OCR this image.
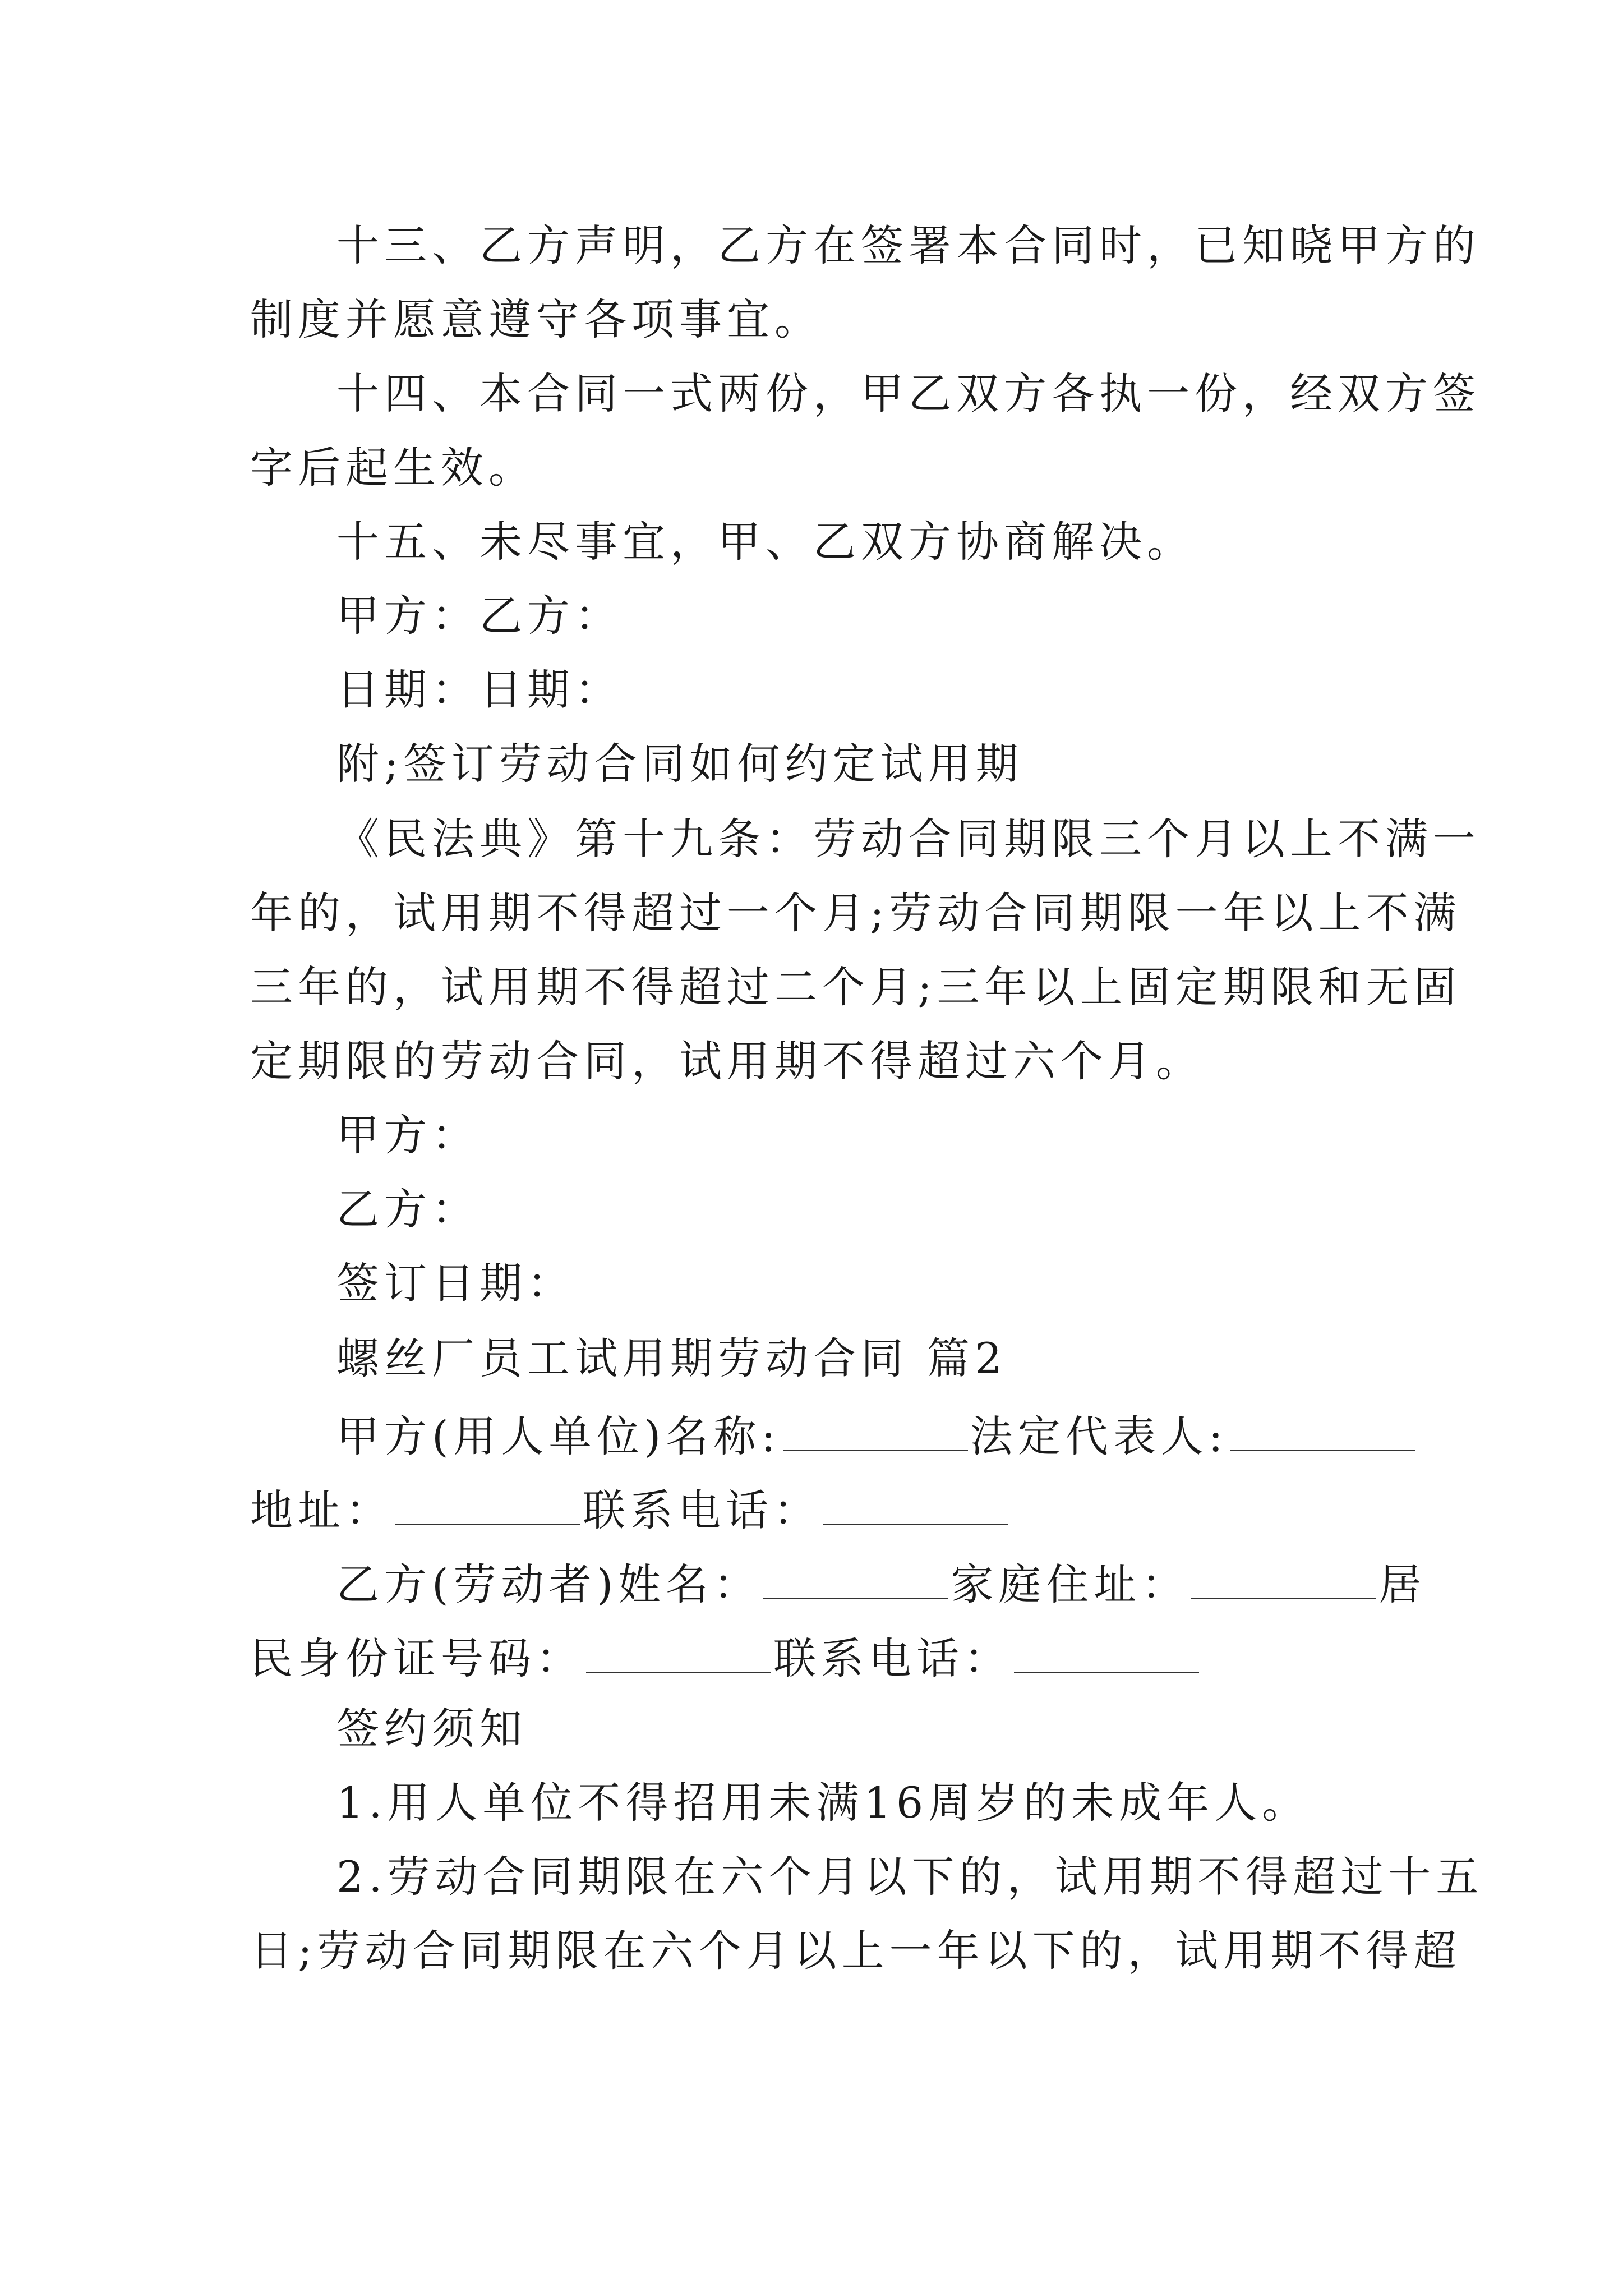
十三、乙方声明，乙方在签署本合同时，已知晓甲方的
制度并愿意遵守各项事宜。
十四、本合同一式两份，甲乙双方各执一份，经双方签
字后起生效。
十五、未尽事宜，甲、乙双方协商解决。
甲方：乙方：
日期：日期：
附;签订劳动合同如何约定试用期
《民法典》第十九条：劳动合同期限三个月以上不满一
年的，试用期不得超过一个月;劳动合同期限一年以上不满
三年的，试用期不得超过二个月;三年以上固定期限和无固
定期限的劳动合同，试用期不得超过六个月。
甲方：
乙方：
签订日期：
螺丝厂员工试用期劳动合同 篇2
甲方(用人单位)名称:	法定代表人:
地址：	联系电话：
乙方(劳动者)姓名：	家庭住址：	居
民身份证号码：	联系电话：
签约须知
1.用人单位不得招用未满16周岁的未成年人。
2.劳动合同期限在六个月以下的，试用期不得超过十五
日;劳动合同期限在六个月以上一年以下的，试用期不得超
